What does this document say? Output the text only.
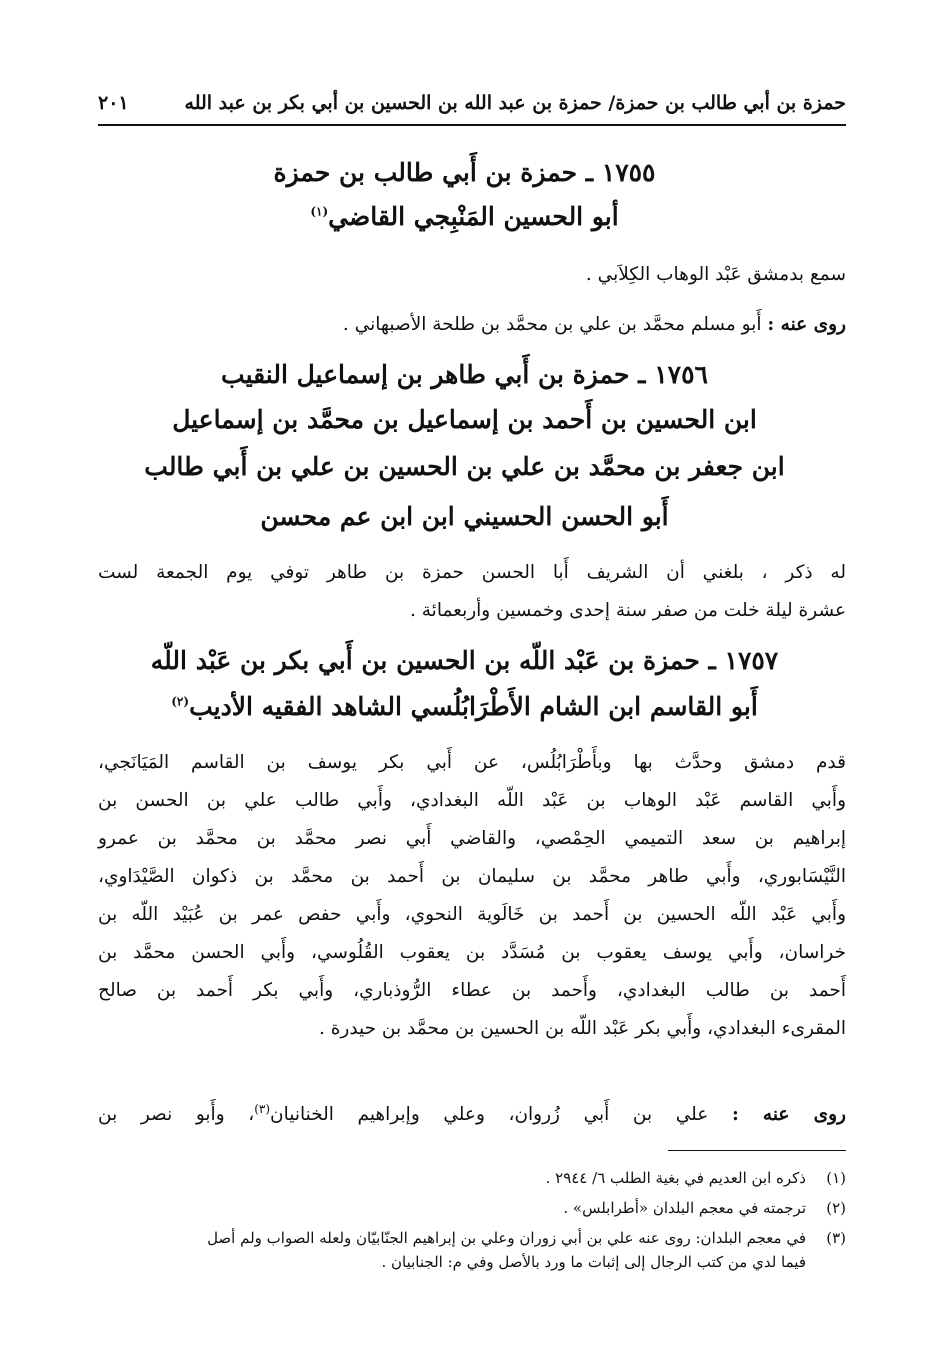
حمزة بن أبي طالب بن حمزة/ حمزة بن عبد الله بن الحسين بن أبي بكر بن عبد الله
٢٠١
١٧٥٥ ـ حمزة بن أَبي طالب بن حمزة
أبو الحسين المَنْبِجي القاضي$^{(١)}$
سمع بدمشق عَبْد الوهاب الكِلاَبي .
روى عنه : أَبو مسلم محمَّد بن علي بن محمَّد بن طلحة الأصبهاني .
١٧٥٦ ـ حمزة بن أَبي طاهر بن إسماعيل النقيب
ابن الحسين بن أَحمد بن إسماعيل بن محمَّد بن إسماعيل
ابن جعفر بن محمَّد بن علي بن الحسين بن علي بن أَبي طالب
أَبو الحسن الحسيني ابن ابن عم محسن
له ذكر ، بلغني أن الشريف أَبا الحسن حمزة بن طاهر توفي يوم الجمعة لست
عشرة ليلة خلت من صفر سنة إحدى وخمسين وأربعمائة .
١٧٥٧ ـ حمزة بن عَبْد اللّه بن الحسين بن أَبي بكر بن عَبْد اللّه
أَبو القاسم ابن الشام الأَطْرَابُلُسي الشاهد الفقيه الأديب$^{(٢)}$
قدم دمشق وحدَّث بها وبأَطْرَابُلُس، عن أَبي بكر يوسف بن القاسم المَيَانَجي،
وأَبي القاسم عَبْد الوهاب بن عَبْد اللّه البغدادي، وأَبي طالب علي بن الحسن بن
إبراهيم بن سعد التميمي الحِمْصي، والقاضي أَبي نصر محمَّد بن محمَّد بن عمرو
النَّيْسَابوري، وأَبي طاهر محمَّد بن سليمان بن أَحمد بن محمَّد بن ذكوان الصَّيْدَاوي،
وأَبي عَبْد اللّه الحسين بن أَحمد بن خَالَوية النحوي، وأَبي حفص عمر بن عُبَيْد اللّه بن
خراسان، وأَبي يوسف يعقوب بن مُسَدَّد بن يعقوب القُلُوسي، وأَبي الحسن محمَّد بن
أَحمد بن طالب البغدادي، وأَحمد بن عطاء الرُّوذباري، وأَبي بكر أَحمد بن صالح
المقرىء البغدادي، وأَبي بكر عَبْد اللّه بن الحسين بن محمَّد بن حيدرة .
روى عنه : علي بن أَبي زُروان، وعلي وإبراهيم الخنانيان$^{(٣)}$، وأَبو نصر بن
(١)
ذكره ابن العديم في بغية الطلب ٦/ ٢٩٤٤ .
(٢)
ترجمته في معجم البلدان «أطرابلس» .
(٣)
في معجم البلدان: روى عنه علي بن أبي زوران وعلي بن إبراهيم الجنّابيّان ولعله الصواب ولم أصل
فيما لدي من كتب الرجال إلى إثبات ما ورد بالأصل وفي م: الجنابيان .
